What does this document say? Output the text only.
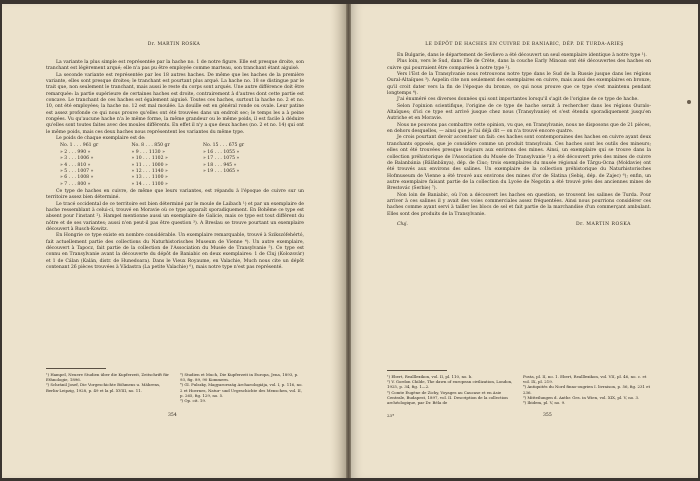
Dr. MARTIN ROSKA

La variante la plus simple est représentée par la hache no. 1 de notre figure. Elle est presque droite, son tranchant est légèrement arqué; elle n'a pas pu être employée comme marteau, son tranchant étant aiguisé.

La seconde variante est représentée par les 18 autres haches. De même que les haches de la première variante, elles sont presque droites; le tranchant est pourtant plus arqué. La hache no. 18 se distingue par le trait que, non seulement le tranchant, mais aussi le reste du corps sont arqués. Une autre différence doit être remarquée: la partie supérieure de certaines haches est droite, contrairement à d'autres dont cette partie est concave. Le tranchant de ces haches est également aiguisé. Toutes ces haches, surtout la hache no. 2 et no. 10, ont été employées; la hache no. 12 est mal moulée. La douille est en général ronde ou ovale. Leur patine est assez profonde ce qui nous prouve qu'elles ont été trouvées dans un endroit sec; le temps les a à peine rongées. Vu qu'aucune hache n'a le même forme, la même grandeur ou le même poids, il est facile à déduire qu'elles sont toutes faites avec des moules différents. En effet il n'y a que deux haches (no. 2 et no. 14) qui ont le même poids, mais ces deux haches nous représentent les variantes du même type.

Le poids de chaque exemplaire est de:

No. 1 . . . 961 gr	No. 8 . . . 850 gr	No. 15 . . . 675 gr
» 2 . . . 990 »	» 9 . . . 1130 »	» 16 . . . 1055 »
» 3 . . . 1006 »	» 10 . . . 1102 »	» 17 . . . 1075 »
» 4 . . . 810 »	» 11 . . . 1000 »	» 18 . . . 945 »
» 5 . . . 1007 »	» 12 . . . 1140 »	» 19 . . . 1065 »
» 6 . . . 1008 »	» 13 . . . 1100 »	
» 7 . . . 800 »	» 14 . . . 1100 »	

Ce type de haches en cuivre, de même que leurs variantes, est répandu à l'époque de cuivre sur un territoire assez bien déterminé.

Le tracé occidental de ce territoire est bien déterminé par le moule de Laibach ¹) et par un exemplaire de hache ressemblant à celui-ci, trouvé en Moravie où ce type apparaît sporadiquement. En Bohême ce type est absent pour l'instant ²). Hampel mentionne aussi un exemplaire de Galicie, mais ce type est tout différent du nôtre et de ses variantes; aussi n'en peut-il pas être question ³). A Breslau se trouve pourtant un exemplaire découvert à Rusch-Kowitz.

En Hongrie ce type existe en nombre considérable. Un exemplaire remarquable, trouvé à Szikszófehértó, fait actuellement partie des collections du Naturhistorisches Museum de Vienne ⁴). Un autre exemplaire, découvert à Tapocz, fait partie de la collection de l'Association du Musée de Transylvanie ⁵). Ce type est connu en Transylvanie avant la découverte du dépôt de Baniabic en deux exemplaires: 1 de Cluj (Kolozsvár) et 1 de Cálan (Kalán, distr. de Hunedoara). Dans le Vieux Royaume, en Valachie, Much nous cite un dépôt contenant 26 pièces trouvées à Vădastra (La petite Valachie) ⁶), mais notre type n'est pas représenté.

¹) Hampel, Neuere Studien über die Kupferzeit, Zeitschrift für Ethnologie, 1896.
²) Schránil Josef, Die Vorgeschichte Böhmens u. Mährens, Berlin-Leipzig, 1928, p. 49 et la pl. XVIII, no. 11.
³) Studien et Much, Die Kupferzeit in Europa, Jena, 1893, p. 93, fig. 89, 90 Kommern.
⁴) Gl. Pulszky, Magyarország Archaeologiája, vol. I, p. 116, no. 2 et Hoernes, Natur- und Urgeschichte des Menschen, vol. II, p. 265, fig. 129, no. 5.
⁵) Op. cit. 19.
354
LE DÉPÔT DE HACHES EN CUIVRE DE BANIABIC, DÉP. DE TURDA-ARIEŞ

En Bulgarie, dans le département de Sevlievo a été découvert un seul exemplaire identique à notre type ¹).

Plus loin, vers le Sud, dans l'île de Crète, dans la couche Early Minoan ont été découvertes des haches en cuivre qui pourraient être comparées à notre type ²).

Vers l'Est de la Transylvanie nous retrouvons notre type dans le Sud de la Russie jusque dans les régions Oural-Altaïques ³). Aspelin cite non seulement des exemplaires en cuivre, mais aussi des exemplaires en bronze, qu'il croit dater vers la fin de l'époque du bronze, ce qui nous prouve que ce type s'est maintenu pendant longtemps ⁴).

J'ai énuméré ces diverses données qui sont importantes lorsqu'il s'agit de l'origine de ce type de hache.

Selon l'opinion scientifique, l'origine de ce type de hache serait à rechercher dans les régions Ouralo-Altaïques; d'ici ce type est arrivé jusque chez nous (Transylvanie) et s'est étendu sporadiquement jusqu'en Autriche et en Moravie.

Nous ne pouvons pas combattre cette opinion, vu que, en Transylvanie, nous ne disposons que de 21 pièces, en dehors desquelles, — ainsi que je l'ai déjà dit — on n'a trouvé encore quatre.

Je crois pourtant devoir accentuer un fait: ces haches sont contemporaines des haches en cuivre ayant deux tranchants opposés, que je considère comme un produit transylvain. Ces haches sont les outils des mineurs; elles ont été trouvées presque toujours aux environs des mines. Ainsi, un exemplaire qui se trouve dans la collection préhistorique de l'Association du Musée de Transylvanie ⁵) a été découvert près des mines de cuivre de Balanbánia (Bălănbănya), dép. de Ciuc; trois exemplaires du musée régional de Târgu-Ocna (Moldavie) ont été trouvés aux environs des salines. Un exemplaire de la collection préhistorique du Naturhistorisches Hofmuseum de Vienne a été trouvé aux environs des mines d'or de Slatina (Sebiş, dép. de Zajec) ⁶); enfin, un autre exemplaire faisant partie de la collection du Lycée de Negotin a été trouvé près des anciennes mines de Brestovác (Serbie) ⁷).

Non loin de Baniabic, où l'on a découvert les haches en question, se trouvent les salines de Turda. Pour arriver à ces salines il y avait des voies commerciales assez fréquentées. Ainsi nous pourrions considérer ces haches comme ayant servi à tailler les blocs de sel et fait partie de la marchandise d'un commerçant ambulant. Elles sont des produits de la Transylvanie.

Cluj.	Dr. MARTIN ROSKA
¹) Ebert, Realllexikon, vol. II, pl. 110, no. b.
²) V. Gordon Childe, The dawn of european civilization, London, 1925, p. 34, fig. 1—2.
³) Comte Eugène de Zichy, Voyages au Caucase et en Asie Centrale, Budapest, 1897, vol. II. Description de la collection archéologique, par Dr. Béla de
Posta, pl. II, no. 1. Ebert, Realllexikon, vol. VII, pl. 46, no. c. et vol. IX, pl. 219.
⁴) Antiquités du Nord finno-ougrien I. livraison, p. 56, fig. 231 et 236.
⁵) Mitteilungen d. Anthr. Ges. in Wien, vol. XIX, pl. V, no. 3.
⁶) Ibidem, pl. V, no. 9.
23*	355
